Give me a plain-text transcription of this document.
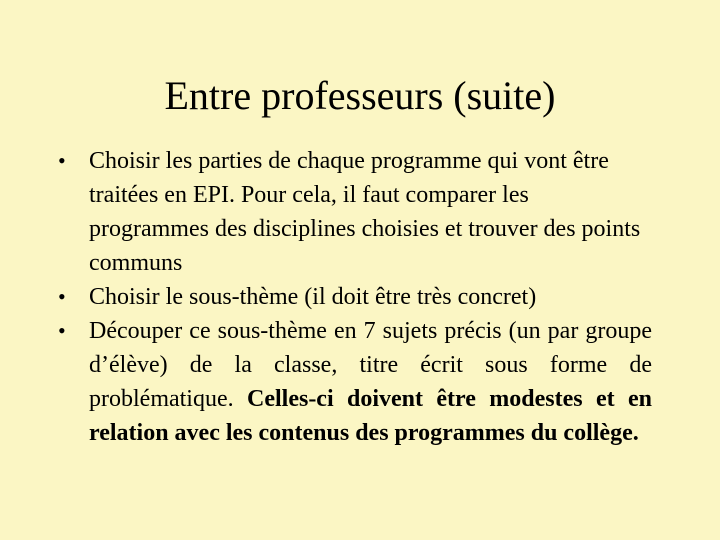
Entre professeurs (suite)
• Choisir les parties de chaque programme qui vont être traitées en EPI. Pour cela, il faut comparer les programmes des disciplines choisies et trouver des points communs
• Choisir le sous-thème (il doit être très concret)
• Découper ce sous-thème en 7 sujets précis (un par groupe d’élève) de la classe, titre écrit sous forme de problématique. Celles-ci doivent être modestes et en relation avec les contenus des programmes du collège.
